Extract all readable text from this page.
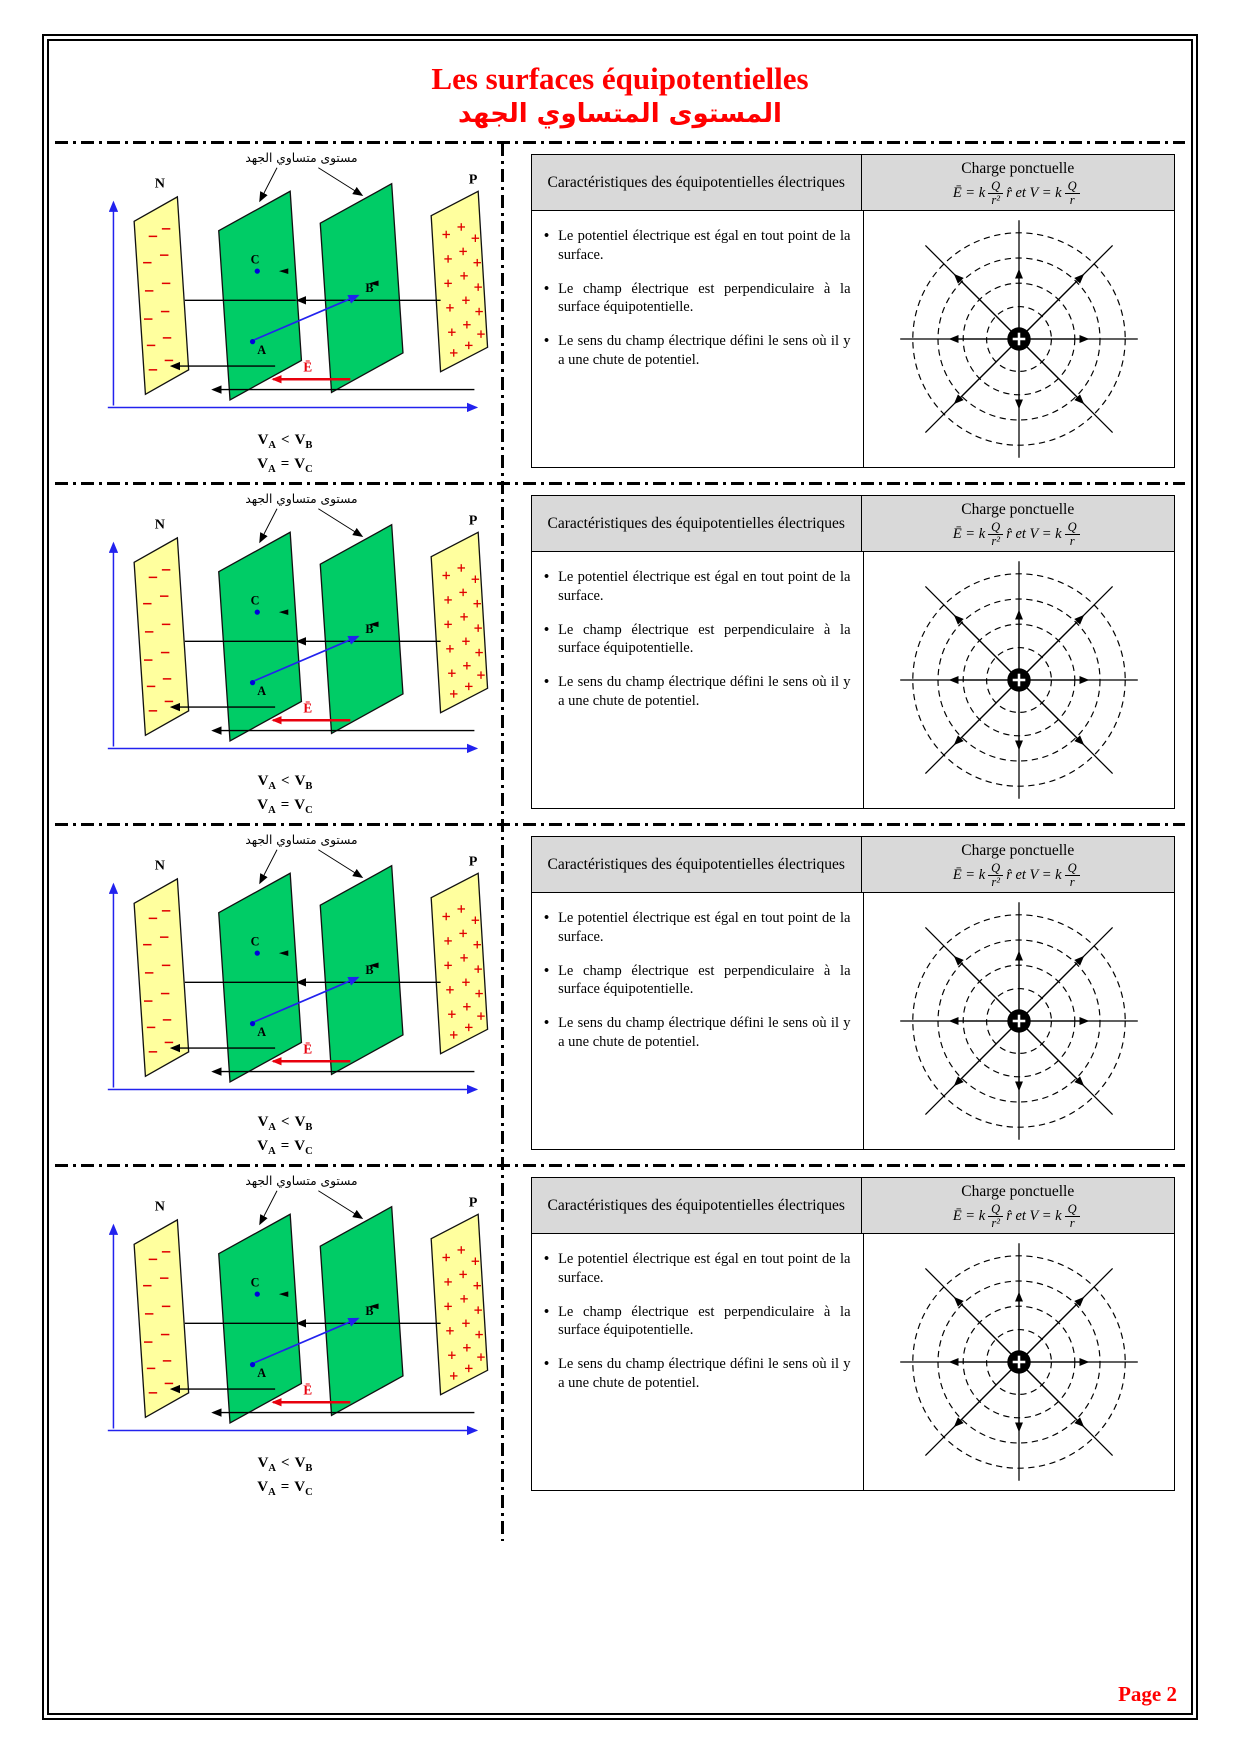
Les surfaces équipotentielles
المستوى المتساوي الجهد
N	P
Ē
C
A
B
مستوى متساوي الجهد
$V_A < V_B$
$V_A = V_C$
Caractéristiques des équipotentielles électriques
Charge ponctuelle
Ē = k $\frac{Q}{\text{r²}}$ r̂ et V = k $\frac{Q}{r}$
• Le potentiel électrique est égal en tout point de la surface.
• Le champ électrique est perpendiculaire à la surface équipotentielle.
• Le sens du champ électrique défini le sens où il y a une chute de potentiel.
N	P
Ē
C
A
B
مستوى متساوي الجهد
$V_A < V_B$
$V_A = V_C$
Caractéristiques des équipotentielles électriques
Charge ponctuelle
Ē = k $\frac{Q}{\text{r²}}$ r̂ et V = k $\frac{Q}{r}$
• Le potentiel électrique est égal en tout point de la surface.
• Le champ électrique est perpendiculaire à la surface équipotentielle.
• Le sens du champ électrique défini le sens où il y a une chute de potentiel.
N	P
Ē
C
A
B
مستوى متساوي الجهد
$V_A < V_B$
$V_A = V_C$
Caractéristiques des équipotentielles électriques
Charge ponctuelle
Ē = k $\frac{Q}{\text{r²}}$ r̂ et V = k $\frac{Q}{r}$
• Le potentiel électrique est égal en tout point de la surface.
• Le champ électrique est perpendiculaire à la surface équipotentielle.
• Le sens du champ électrique défini le sens où il y a une chute de potentiel.
N	P
Ē
C
A
B
مستوى متساوي الجهد
$V_A < V_B$
$V_A = V_C$
Caractéristiques des équipotentielles électriques
Charge ponctuelle
Ē = k $\frac{Q}{\text{r²}}$ r̂ et V = k $\frac{Q}{r}$
• Le potentiel électrique est égal en tout point de la surface.
• Le champ électrique est perpendiculaire à la surface équipotentielle.
• Le sens du champ électrique défini le sens où il y a une chute de potentiel.
Page 2
